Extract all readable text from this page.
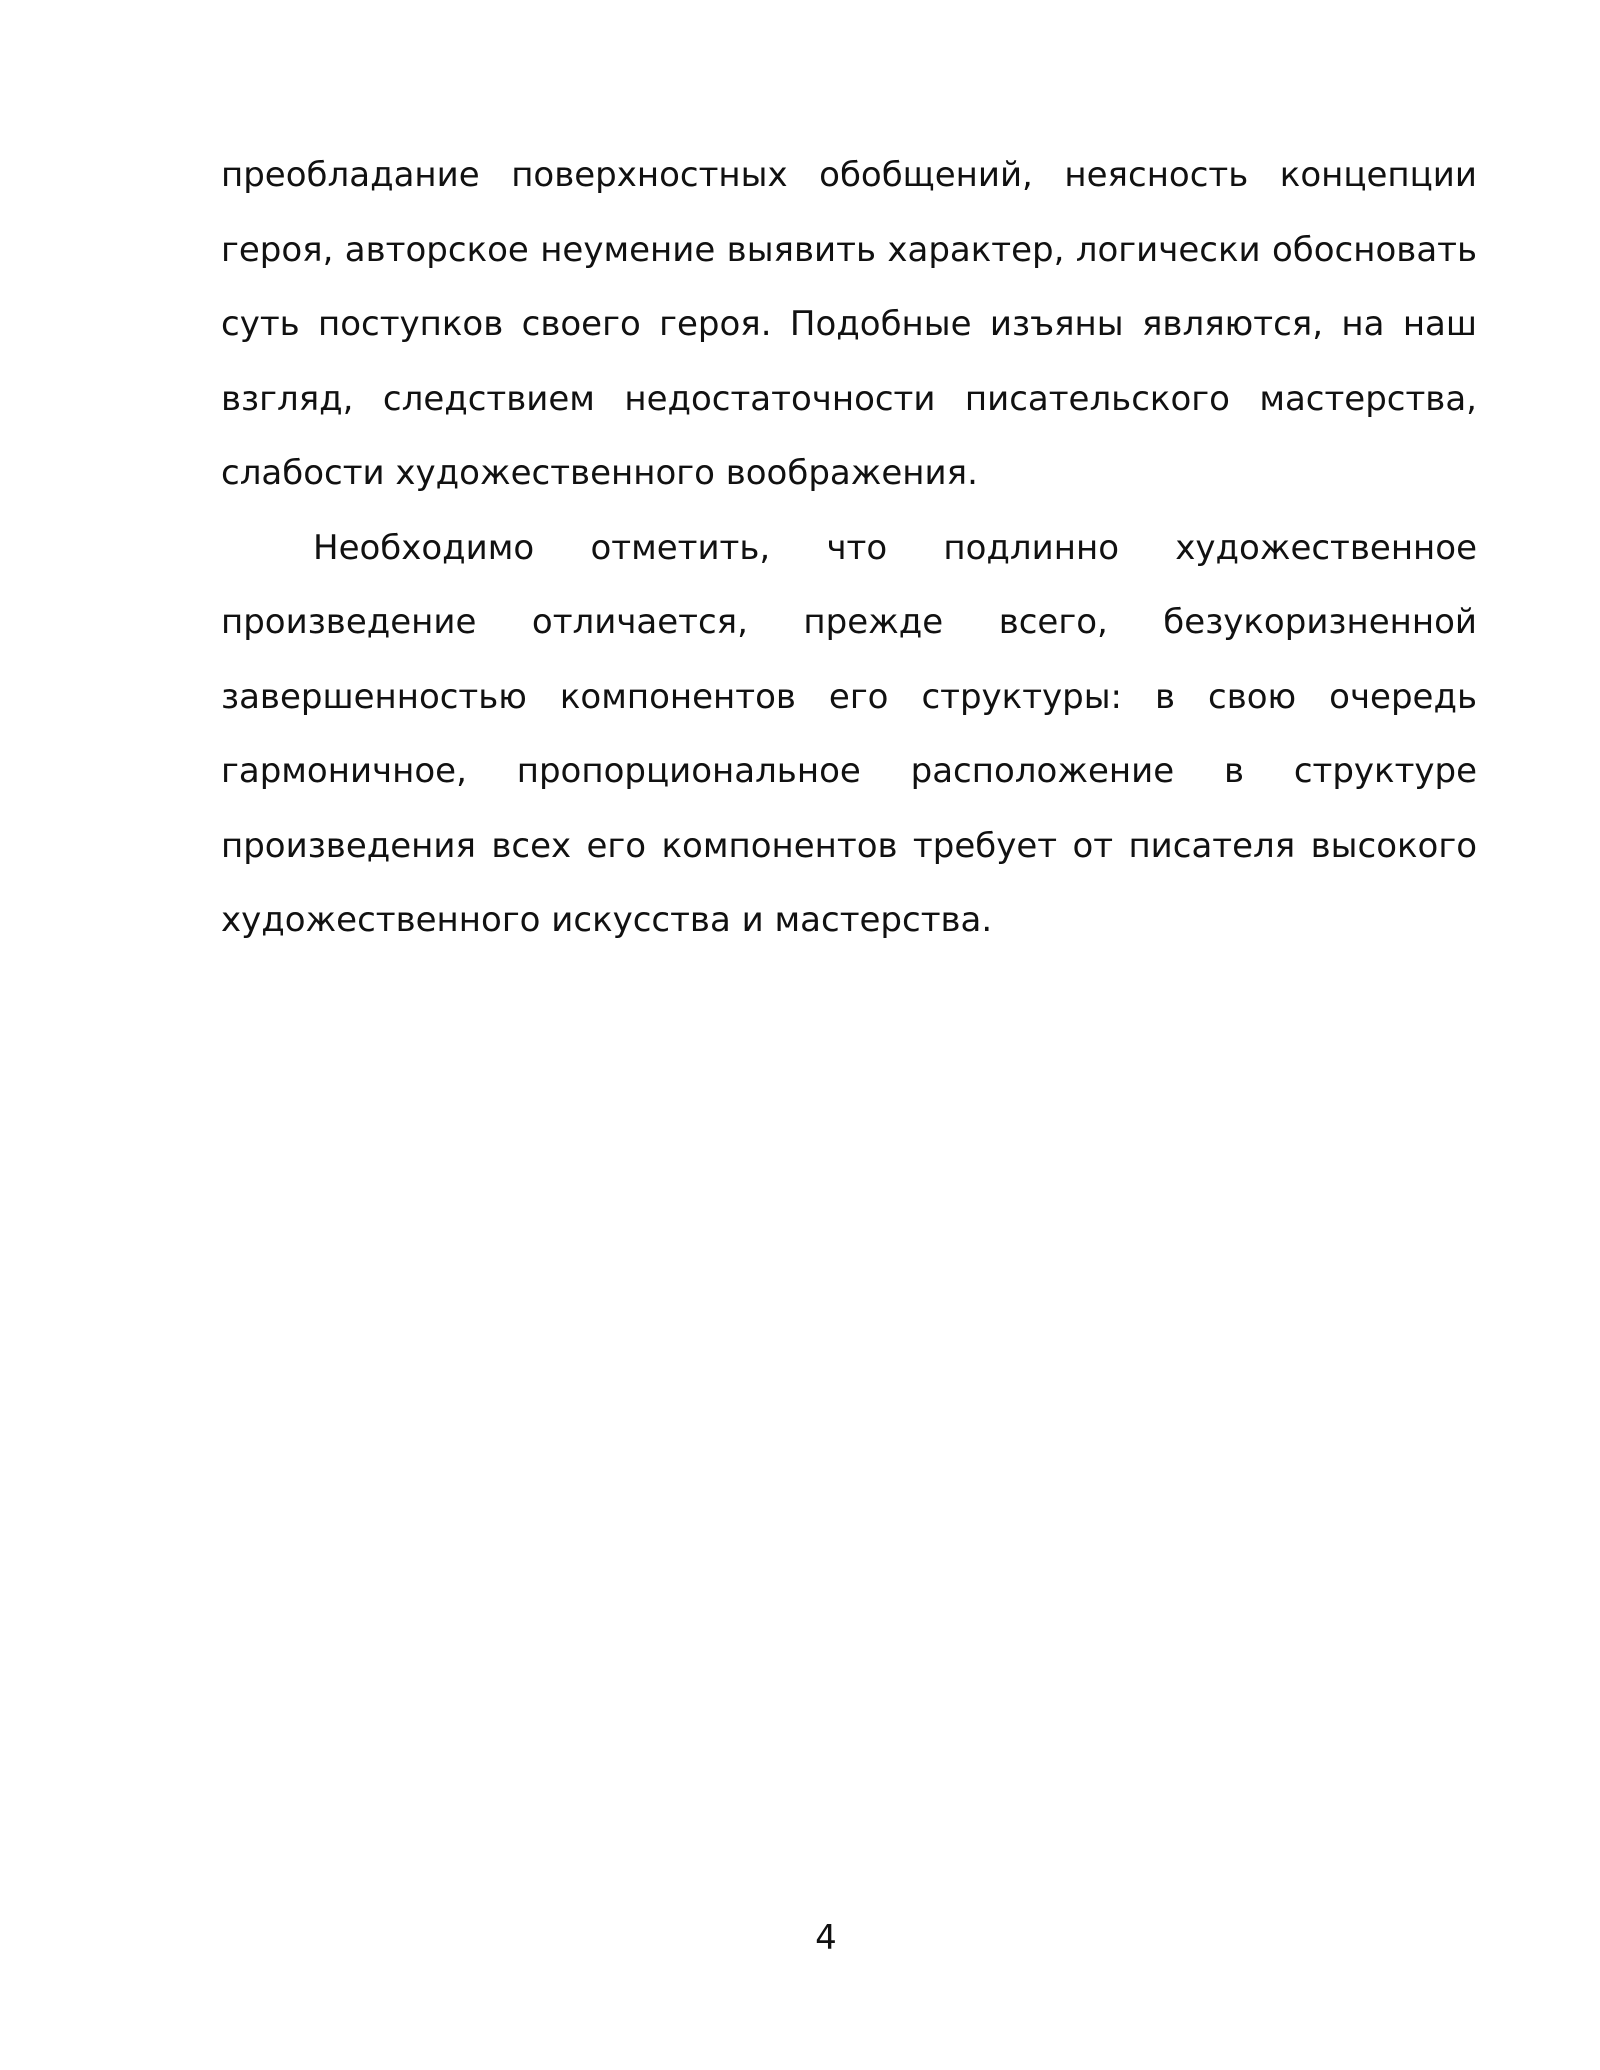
преобладание поверхностных обобщений, неясность концепции героя, авторское неумение выявить характер, логически обосновать суть поступков своего героя. Подобные изъяны являются, на наш взгляд, следствием недостаточности писательского мастерства, слабости художественного воображения.

Необходимо отметить, что подлинно художественное произведение отличается, прежде всего, безукоризненной завершенностью компонентов его структуры: в свою очередь гармоничное, пропорциональное расположение в структуре произведения всех его компонентов требует от писателя высокого художественного искусства и мастерства.

4
